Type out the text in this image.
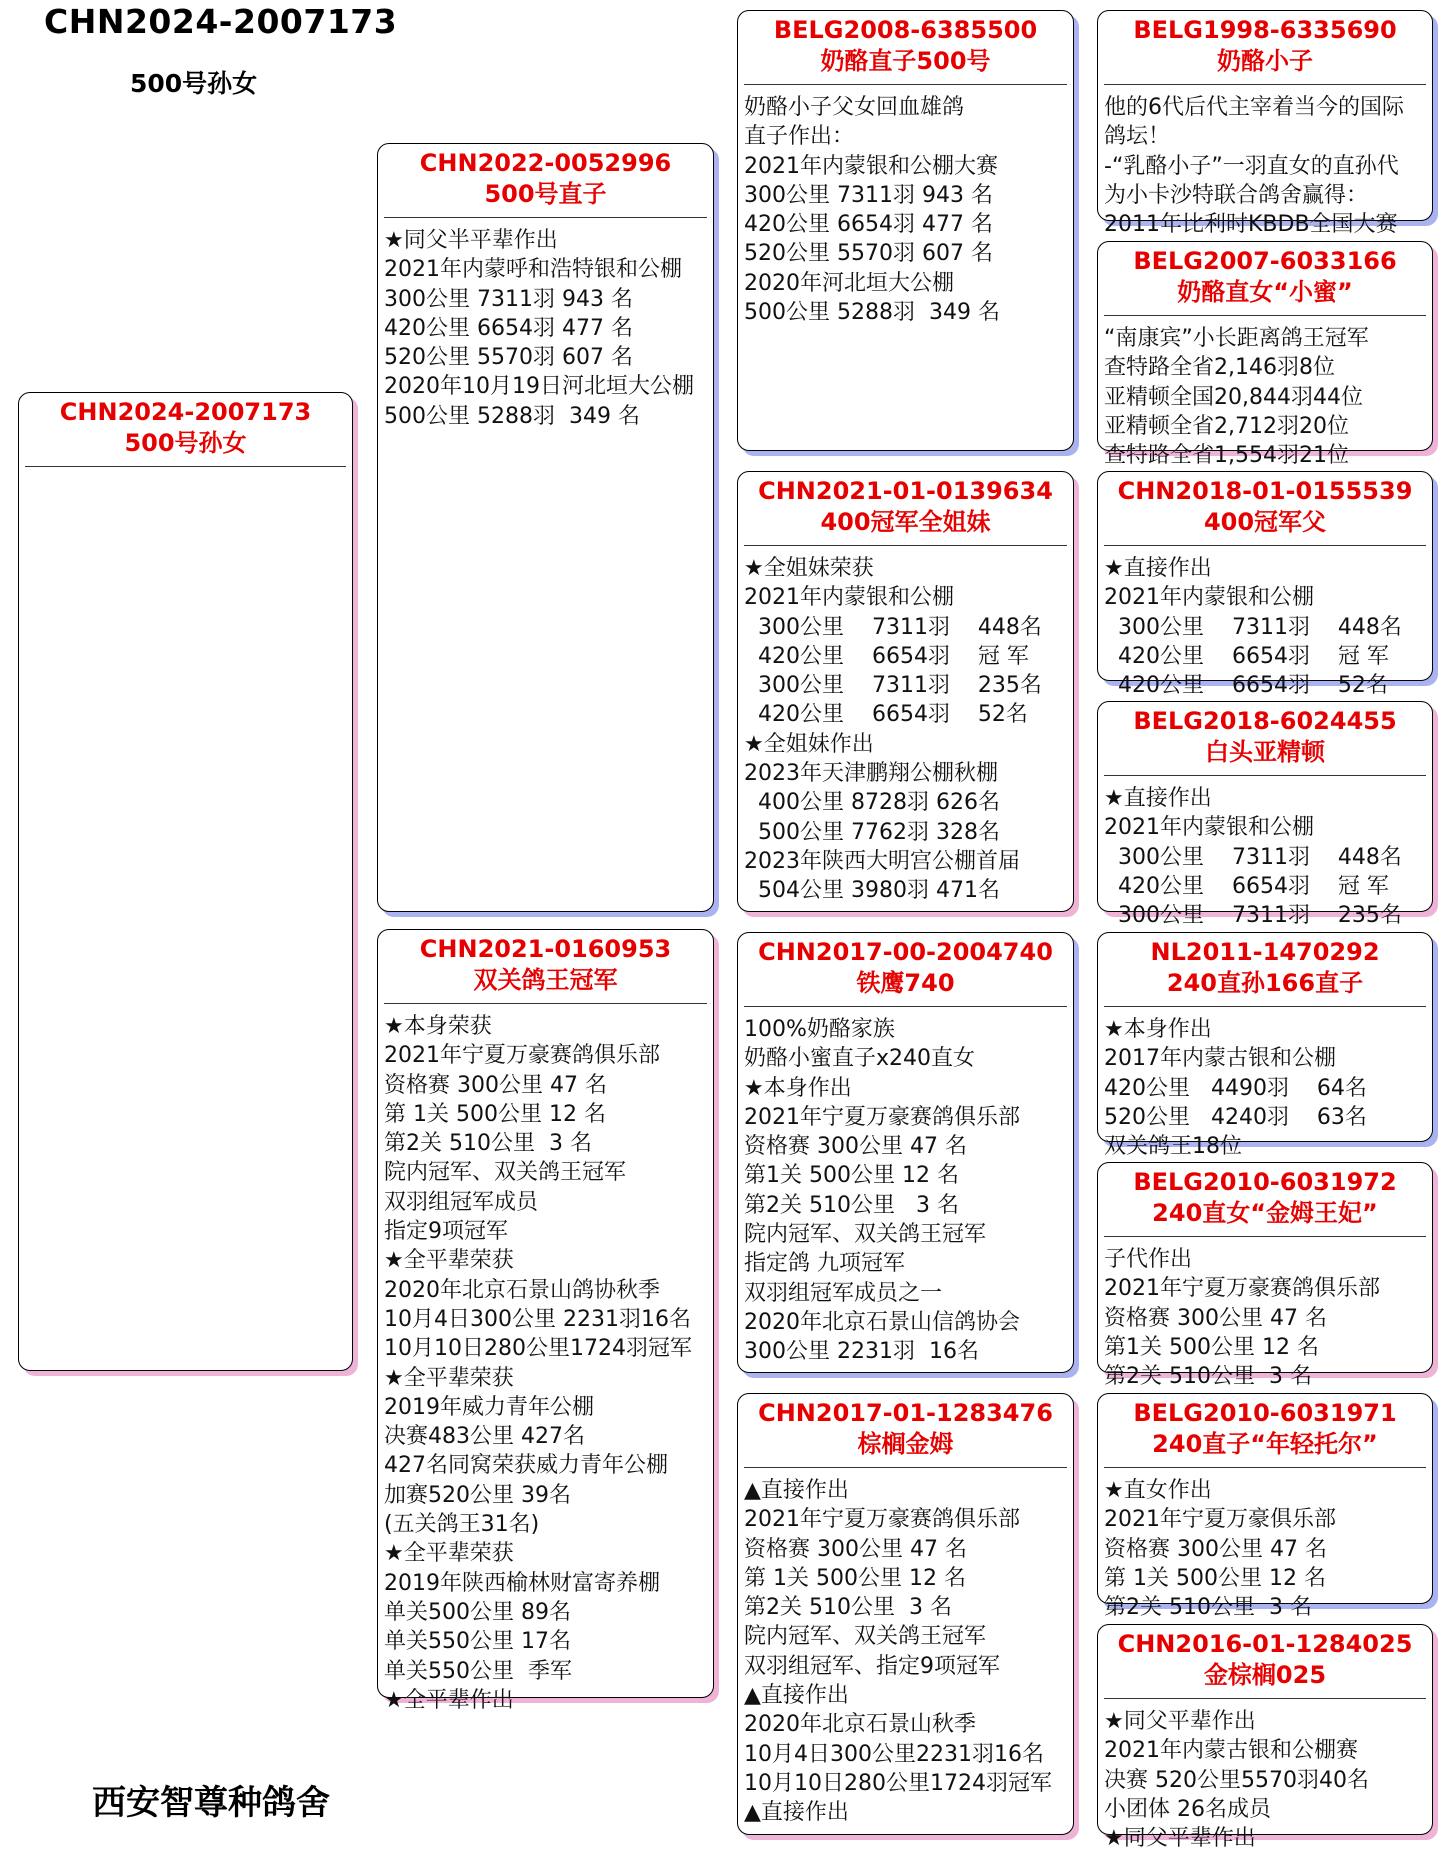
CHN2024-2007173
500号孙女
CHN2024-2007173
500号孙女
CHN2022-0052996
500号直子
★同父半平辈作出
2021年内蒙呼和浩特银和公棚
300公里 7311羽 943 名
420公里 6654羽 477 名
520公里 5570羽 607 名
2020年10月19日河北垣大公棚
500公里 5288羽  349 名
CHN2021-0160953
双关鸽王冠军
★本身荣获
2021年宁夏万豪赛鸽俱乐部
资格赛 300公里 47 名
第 1关 500公里 12 名
第2关 510公里  3 名
院内冠军、双关鸽王冠军
双羽组冠军成员
指定9项冠军
★全平辈荣获
2020年北京石景山鸽协秋季
10月4日300公里 2231羽16名
10月10日280公里1724羽冠军
★全平辈荣获
2019年威力青年公棚
决赛483公里 427名
427名同窝荣获威力青年公棚
加赛520公里 39名
(五关鸽王31名)
★全平辈荣获
2019年陕西榆林财富寄养棚
单关500公里 89名
单关550公里 17名
单关550公里  季军
★全平辈作出
BELG2008-6385500
奶酪直子500号
奶酪小子父女回血雄鸽
直子作出：
2021年内蒙银和公棚大赛
300公里 7311羽 943 名
420公里 6654羽 477 名
520公里 5570羽 607 名
2020年河北垣大公棚
500公里 5288羽  349 名
CHN2021-01-0139634
400冠军全姐妹
★全姐妹荣获
2021年内蒙银和公棚
300公里    7311羽    448名
420公里    6654羽    冠 军
300公里    7311羽    235名
420公里    6654羽    52名
★全姐妹作出
2023年天津鹏翔公棚秋棚
400公里 8728羽 626名
500公里 7762羽 328名
2023年陕西大明宫公棚首届
504公里 3980羽 471名
CHN2017-00-2004740
铁鹰740
100%奶酪家族
奶酪小蜜直子x240直女
★本身作出
2021年宁夏万豪赛鸽俱乐部
资格赛 300公里 47 名
第1关 500公里 12 名
第2关 510公里   3 名
院内冠军、双关鸽王冠军
指定鸽 九项冠军
双羽组冠军成员之一
2020年北京石景山信鸽协会
300公里 2231羽  16名
CHN2017-01-1283476
棕榈金姆
▲直接作出
2021年宁夏万豪赛鸽俱乐部
资格赛 300公里 47 名
第 1关 500公里 12 名
第2关 510公里  3 名
院内冠军、双关鸽王冠军
双羽组冠军、指定9项冠军
▲直接作出
2020年北京石景山秋季
10月4日300公里2231羽16名
10月10日280公里1724羽冠军
▲直接作出
BELG1998-6335690
奶酪小子
他的6代后代主宰着当今的国际
鸽坛！
-“乳酪小子”一羽直女的直孙代
为小卡沙特联合鸽舍赢得：
2011年比利时KBDB全国大赛
BELG2007-6033166
奶酪直女“小蜜”
“南康宾”小长距离鸽王冠军
查特路全省2,146羽8位
亚精顿全国20,844羽44位
亚精顿全省2,712羽20位
查特路全省1,554羽21位
CHN2018-01-0155539
400冠军父
★直接作出
2021年内蒙银和公棚
300公里    7311羽    448名
420公里    6654羽    冠 军
420公里    6654羽    52名
BELG2018-6024455
白头亚精顿
★直接作出
2021年内蒙银和公棚
300公里    7311羽    448名
420公里    6654羽    冠 军
300公里    7311羽    235名
NL2011-1470292
240直孙166直子
★本身作出
2017年内蒙古银和公棚
420公里   4490羽    64名
520公里   4240羽    63名
双关鸽王18位
BELG2010-6031972
240直女“金姆王妃”
子代作出
2021年宁夏万豪赛鸽俱乐部
资格赛 300公里 47 名
第1关 500公里 12 名
第2关 510公里  3 名
BELG2010-6031971
240直子“年轻托尔”
★直女作出
2021年宁夏万豪俱乐部
资格赛 300公里 47 名
第 1关 500公里 12 名
第2关 510公里  3 名
CHN2016-01-1284025
金棕榈025
★同父平辈作出
2021年内蒙古银和公棚赛
决赛 520公里5570羽40名
小团体 26名成员
★同父平辈作出
西安智尊种鸽舍
